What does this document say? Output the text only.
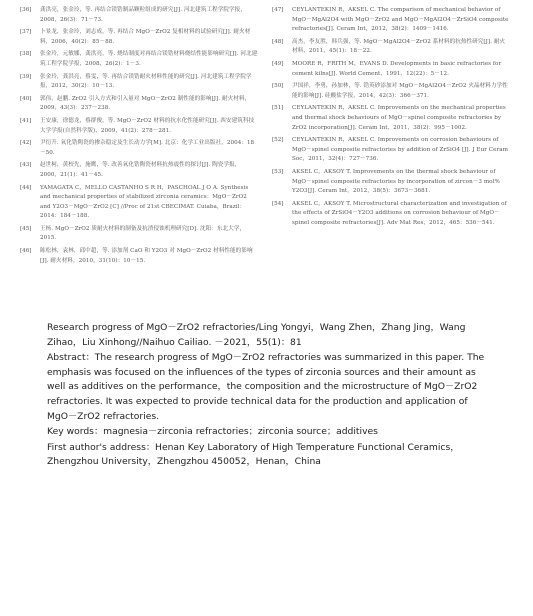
[36]	龚洪亮，张金玲，等. 再结合镁锆制品颗粒组成的研究[J]. 河北建筑工程学院学报，2008，26(3)：71－73.
[37]	卜景龙，张金玲，刘志成，等. 再结合 MgO－ZrO2 复相材料的试验研究[J]. 耐火材料，2006，40(2)：85－88.
[38]	张金玲，元敏娜，龚洪亮，等. 烧结制度对再结合镁锆材料烧结性能影响研究[J]. 河北建筑工程学院学报，2008，26(2)：1－3.
[39]	张金玲，龚洪亮，蔡雯，等. 再结合镁锆耐火材料性能的研究[J]. 河北建筑工程学院学报，2012，30(2)：10－13.
[40]	郭伟，赵鹏. ZrO2 引入方式和引入量对 MgO－ZrO2 制性能的影响[J]. 耐火材料，2009，43(3)：237－238.
[41]	王安康，徐德龙，蔡群俊，等. MgO－ZrO2 材料的抗水化性能研究[J]. 西安建筑科技大学学报(自然科学版)，2009，41(2)：278－281.
[42]	尹衍升. 氧化锆陶瓷的掺杂稳定及生长动力学[M]. 北京：化学工业出版社，2004：18－50.
[43]	赵世柯，黄校先，施鹰，等. 改善氧化锆陶瓷材料抗热震性的探讨[J]. 陶瓷学报，2000，21(1)：41－45.
[44]	YAMAGATA C，MELLO CASTANHO S R H，PASCHOAL J O A. Synthesis and mechanical properties of stabilized zirconia ceramics：MgO－ZrO2 and Y2O3－MgO－ZrO2 [C] //Proc of 21st CBECIMAT. Cuiaba，Brazil：2014：184－188.
[45]	王杨. MgO－ZrO2 质耐火材料的制备及抗渣侵蚀机理研究[D]. 沈阳：东北大学，2015.
[46]	陈松林，袁林，邱中超，等. 添加剂 CaO 和 Y2O3 对 MgO－ZrO2 材料性能的影响[J]. 耐火材料，2010，31(10)：10－15.
[47]	CEYLANTEKIN R，AKSEL C. The comparison of mechanical behavior of MgO－MgAl2O4 with MgO－ZrO2 and MgO－MgAl2O4－ZrSiO4 composite refractories[J]. Ceram Int，2012，38(2)：1409－1416.
[48]	高杰，李友胜，韩兵强，等. MgO－MgAl2O4－ZrO2 系材料的抗热性研究[J]. 耐火材料，2011，45(1)：18－22.
[49]	MOORE R，FRITH M，EVANS D. Developments in basic refractories for cement kilns[J]. World Cement，1991，12(22)：5－12.
[50]	尹国祥，李勇，孙加林，等. 锆英砂添加对 MgO－MgAl2O4－ZrO2 火晶材料力学性能的影响[J]. 硅酸盐学报，2014，42(3)：366－371.
[51]	CEYLANTEKIN R，AKSEL C. Improvements on the mechanical properties and thermal shock behaviours of MgO－spinel composite refractories by ZrO2 incorporation[J]. Ceram Int，2011，38(2)：995－1002.
[52]	CEYLANTEKIN R，AKSEL C. Improvements on corrosion behaviours of MgO－spinel composite refractories by addition of ZrSiO4 [J]. J Eur Ceram Soc，2011，32(4)：727－736.
[53]	AKSEL C，AKSOY T. Improvements on the thermal shock behaviour of MgO－spinel composite refractories by incorporation of zircon－3 mol% Y2O3[J]. Ceram Int，2012，38(5)：3673－3681.
[54]	AKSEL C，AKSOY T. Microstructural characterization and investigation of the effects of ZrSiO4－Y2O3 additions on corrosion behaviour of MgO－spinel composite refractories[J]. Adv Mat Res，2012，465：536－541.

Research progress of MgO－ZrO2 refractories/Ling Yongyi，Wang Zhen，Zhang Jing，Wang Zihao，Liu Xinhong//Naihuo Cailiao. －2021，55(1)：81

Abstract：The research progress of MgO－ZrO2 refractories was summarized in this paper. The emphasis was focused on the influences of the types of zirconia sources and their amount as well as additives on the performance，the composition and the microstructure of MgO－ZrO2 refractories. It was expected to provide technical data for the production and application of MgO－ZrO2 refractories.

Key words：magnesia－zirconia refractories；zirconia source；additives

First author's address：Henan Key Laboratory of High Temperature Functional Ceramics，Zhengzhou University，Zhengzhou 450052，Henan，China
